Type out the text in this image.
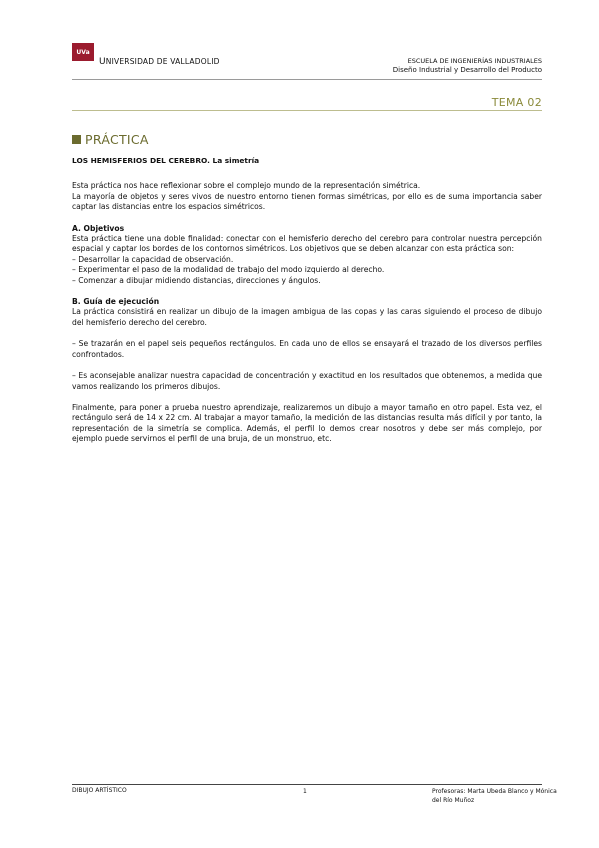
UVa
UNIVERSIDAD DE VALLADOLID	ESCUELA DE INGENIERÍAS INDUSTRIALES
Diseño Industrial y Desarrollo del Producto
TEMA 02
PRÁCTICA

LOS HEMISFERIOS DEL CEREBRO. La simetría

Esta práctica nos hace reflexionar sobre el complejo mundo de la representación simétrica.

La mayoría de objetos y seres vivos de nuestro entorno tienen formas simétricas, por ello es de suma importancia saber captar las distancias entre los espacios simétricos.

A. Objetivos

Esta práctica tiene una doble finalidad: conectar con el hemisferio derecho del cerebro para controlar nuestra percepción espacial y captar los bordes de los contornos simétricos. Los objetivos que se deben alcanzar con esta práctica son:

– Desarrollar la capacidad de observación.

– Experimentar el paso de la modalidad de trabajo del modo izquierdo al derecho.

– Comenzar a dibujar midiendo distancias, direcciones y ángulos.

B. Guía de ejecución

La práctica consistirá en realizar un dibujo de la imagen ambigua de las copas y las caras siguiendo el proceso de dibujo del hemisferio derecho del cerebro.

– Se trazarán en el papel seis pequeños rectángulos. En cada uno de ellos se ensayará el trazado de los diversos perfiles confrontados.

– Es aconsejable analizar nuestra capacidad de concentración y exactitud en los resultados que obtenemos, a medida que vamos realizando los primeros dibujos.

Finalmente, para poner a prueba nuestro aprendizaje, realizaremos un dibujo a mayor tamaño en otro papel. Esta vez, el rectángulo será de 14 x 22 cm. Al trabajar a mayor tamaño, la medición de las distancias resulta más difícil y por tanto, la representación de la simetría se complica. Además, el perfil lo demos crear nosotros y debe ser más complejo, por ejemplo puede servirnos el perfil de una bruja, de un monstruo, etc.

DIBUJO ARTÍSTICO	1	Profesoras: Marta Ubeda Blanco y Mónica del Río Muñoz
